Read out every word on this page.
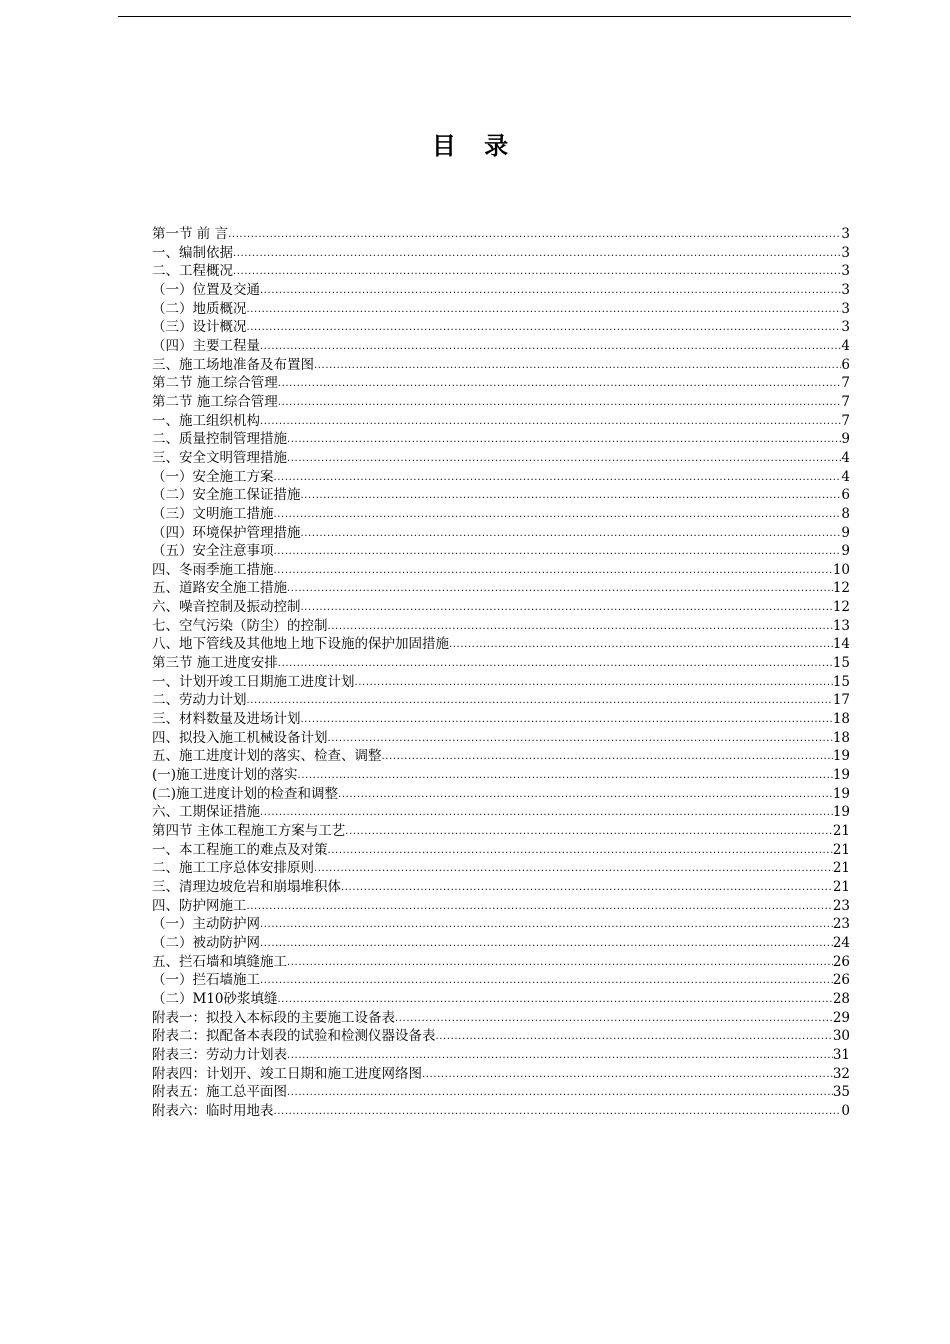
目 录
第一节 前 言 .....	3
一、编制依据 .....	3
二、工程概况 .....	3
（一）位置及交通 .....	3
（二）地质概况 .....	3
（三）设计概况 .....	3
（四）主要工程量 .....	4
三、施工场地准备及布置图 .....	6
第二节 施工综合管理 .....	7
第二节 施工综合管理 .....	7
一、施工组织机构 .....	7
二、质量控制管理措施 .....	9
三、安全文明管理措施 .....	4
（一）安全施工方案 .....	4
（二）安全施工保证措施 .....	6
（三）文明施工措施 .....	8
（四）环境保护管理措施 .....	9
（五）安全注意事项 .....	9
四、冬雨季施工措施 .....	10
五、道路安全施工措施 .....	12
六、噪音控制及振动控制 .....	12
七、空气污染（防尘）的控制 .....	13
八、地下管线及其他地上地下设施的保护加固措施 .....	14
第三节 施工进度安排 .....	15
一、计划开竣工日期施工进度计划 .....	15
二、劳动力计划 .....	17
三、材料数量及进场计划 .....	18
四、拟投入施工机械设备计划 .....	18
五、施工进度计划的落实、检查、调整 .....	19
(一)施工进度计划的落实 .....	19
(二)施工进度计划的检查和调整 .....	19
六、工期保证措施 .....	19
第四节 主体工程施工方案与工艺 .....	21
一、本工程施工的难点及对策 .....	21
二、施工工序总体安排原则 .....	21
三、清理边坡危岩和崩塌堆积体 .....	21
四、防护网施工 .....	23
（一）主动防护网 .....	23
（二）被动防护网 .....	24
五、拦石墙和填缝施工 .....	26
（一）拦石墙施工 .....	26
（二）M10砂浆填缝 .....	28
附表一：拟投入本标段的主要施工设备表 .....	29
附表二：拟配备本表段的试验和检测仪器设备表 .....	30
附表三：劳动力计划表 .....	31
附表四：计划开、竣工日期和施工进度网络图 .....	32
附表五：施工总平面图 .....	35
附表六：临时用地表 .....	0
